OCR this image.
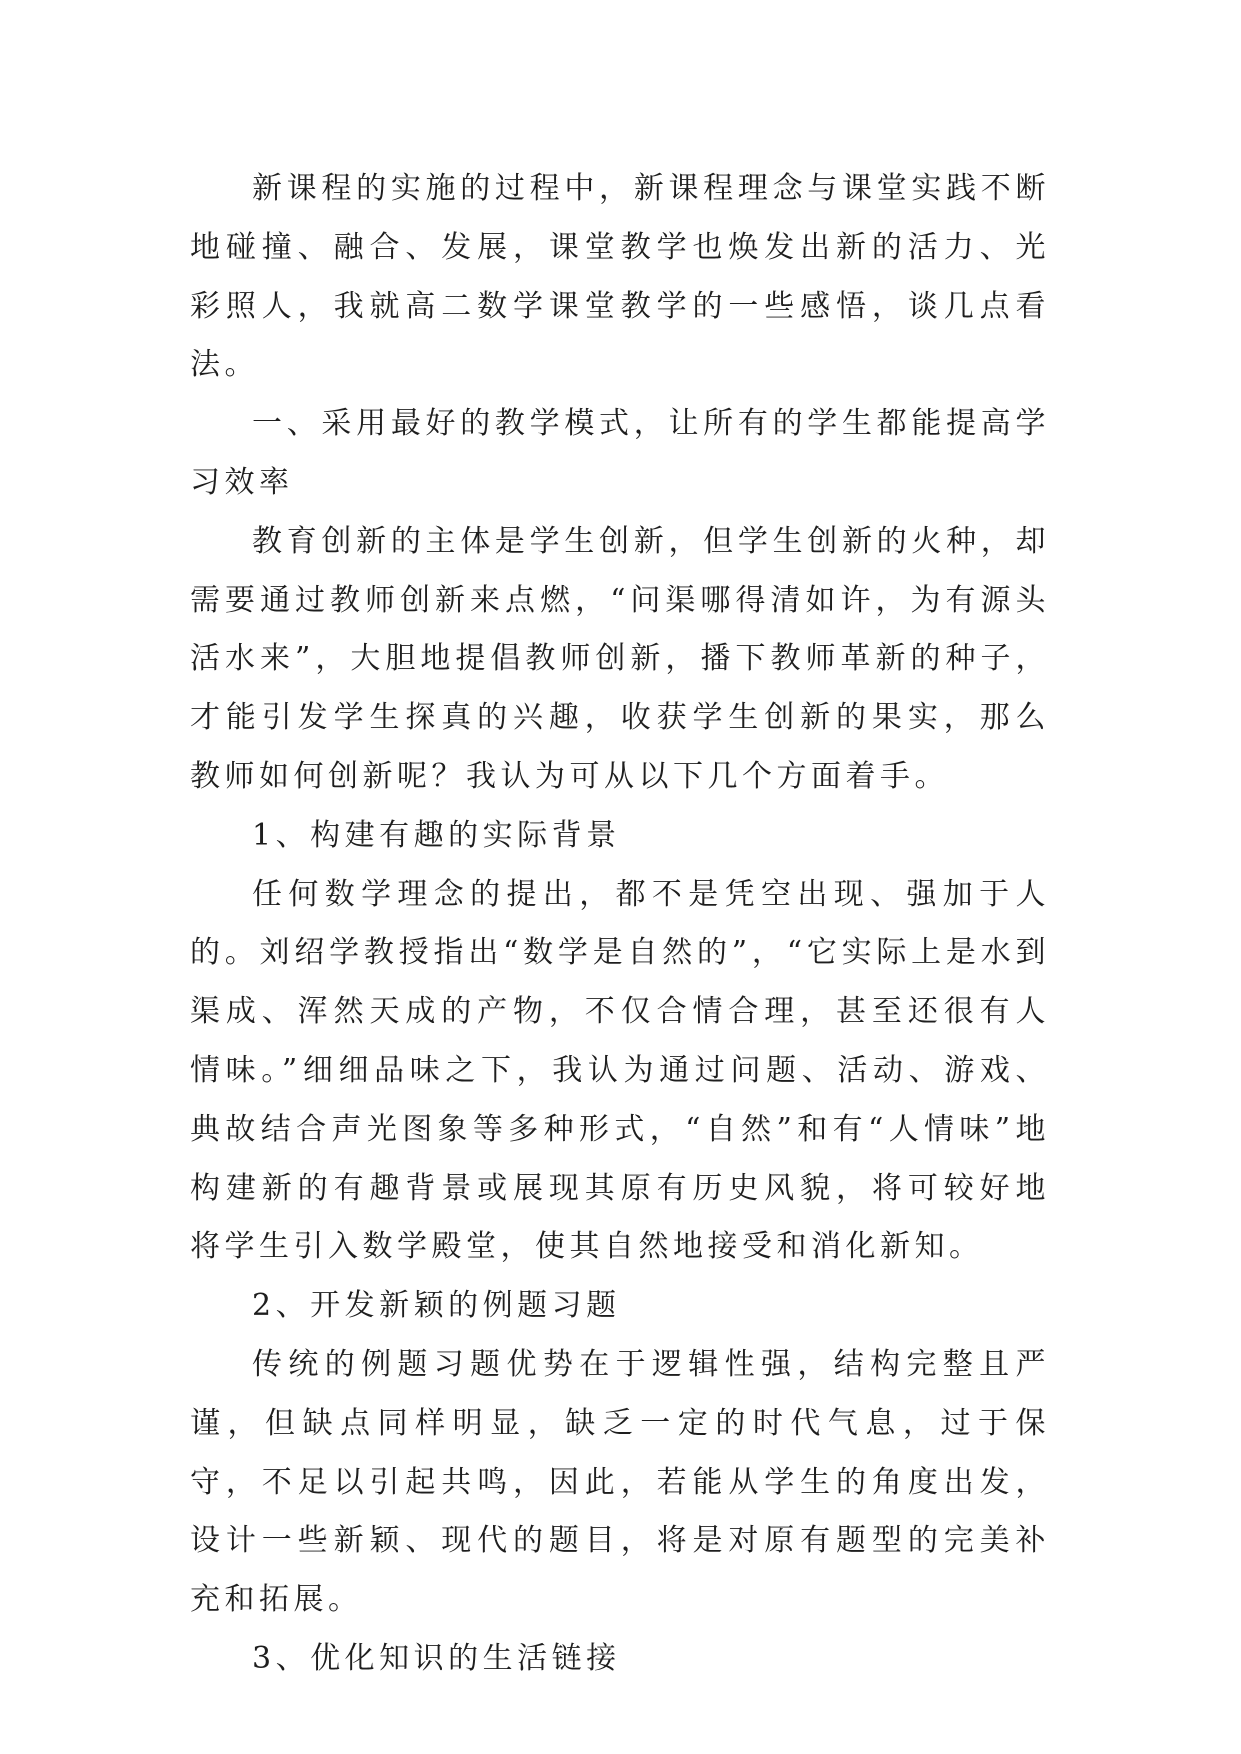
新课程的实施的过程中，新课程理念与课堂实践不断地碰撞、融合、发展，课堂教学也焕发出新的活力、光彩照人，我就高二数学课堂教学的一些感悟，谈几点看法。

一、采用最好的教学模式，让所有的学生都能提高学习效率

教育创新的主体是学生创新，但学生创新的火种，却需要通过教师创新来点燃，“问渠哪得清如许，为有源头活水来”，大胆地提倡教师创新，播下教师革新的种子，才能引发学生探真的兴趣，收获学生创新的果实，那么教师如何创新呢？我认为可从以下几个方面着手。

1、构建有趣的实际背景

任何数学理念的提出，都不是凭空出现、强加于人的。刘绍学教授指出“数学是自然的”，“它实际上是水到渠成、浑然天成的产物，不仅合情合理，甚至还很有人情味。”细细品味之下，我认为通过问题、活动、游戏、典故结合声光图象等多种形式，“自然”和有“人情味”地构建新的有趣背景或展现其原有历史风貌，将可较好地将学生引入数学殿堂，使其自然地接受和消化新知。

2、开发新颖的例题习题

传统的例题习题优势在于逻辑性强，结构完整且严谨，但缺点同样明显，缺乏一定的时代气息，过于保守，不足以引起共鸣，因此，若能从学生的角度出发，设计一些新颖、现代的题目，将是对原有题型的完美补充和拓展。

3、优化知识的生活链接
